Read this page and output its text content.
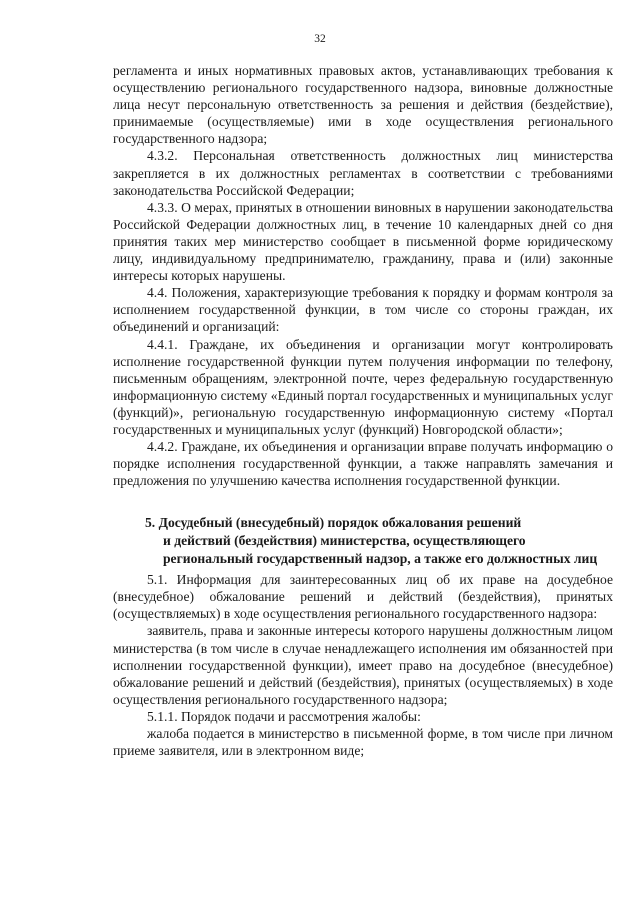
32

регламента и иных нормативных правовых актов, устанавливающих требования к осуществлению регионального государственного надзора, виновные должностные лица несут персональную ответственность за решения и действия (бездействие), принимаемые (осуществляемые) ими в ходе осуществления регионального государственного надзора;

4.3.2. Персональная ответственность должностных лиц министерства закрепляется в их должностных регламентах в соответствии с требованиями законодательства Российской Федерации;

4.3.3. О мерах, принятых в отношении виновных в нарушении законодательства Российской Федерации должностных лиц, в течение 10 календарных дней со дня принятия таких мер министерство сообщает в письменной форме юридическому лицу, индивидуальному предпринимателю, гражданину, права и (или) законные интересы которых нарушены.

4.4. Положения, характеризующие требования к порядку и формам контроля за исполнением государственной функции, в том числе со стороны граждан, их объединений и организаций:

4.4.1. Граждане, их объединения и организации могут контролировать исполнение государственной функции путем получения информации по телефону, письменным обращениям, электронной почте, через федеральную государственную информационную систему «Единый портал государственных и муниципальных услуг (функций)», региональную государственную информационную систему «Портал государственных и муниципальных услуг (функций) Новгородской области»;

4.4.2. Граждане, их объединения и организации вправе получать информацию о порядке исполнения государственной функции, а также направлять замечания и предложения по улучшению качества исполнения государственной функции.

5. Досудебный (внесудебный) порядок обжалования решений
и действий (бездействия) министерства, осуществляющего региональный государственный надзор, а также его должностных лиц

5.1. Информация для заинтересованных лиц об их праве на досудебное (внесудебное) обжалование решений и действий (бездействия), принятых (осуществляемых) в ходе осуществления регионального государственного надзора:

заявитель, права и законные интересы которого нарушены должностным лицом министерства (в том числе в случае ненадлежащего исполнения им обязанностей при исполнении государственной функции), имеет право на досудебное (внесудебное) обжалование решений и действий (бездействия), принятых (осуществляемых) в ходе осуществления регионального государственного надзора;

5.1.1. Порядок подачи и рассмотрения жалобы:

жалоба подается в министерство в письменной форме, в том числе при личном приеме заявителя, или в электронном виде;
